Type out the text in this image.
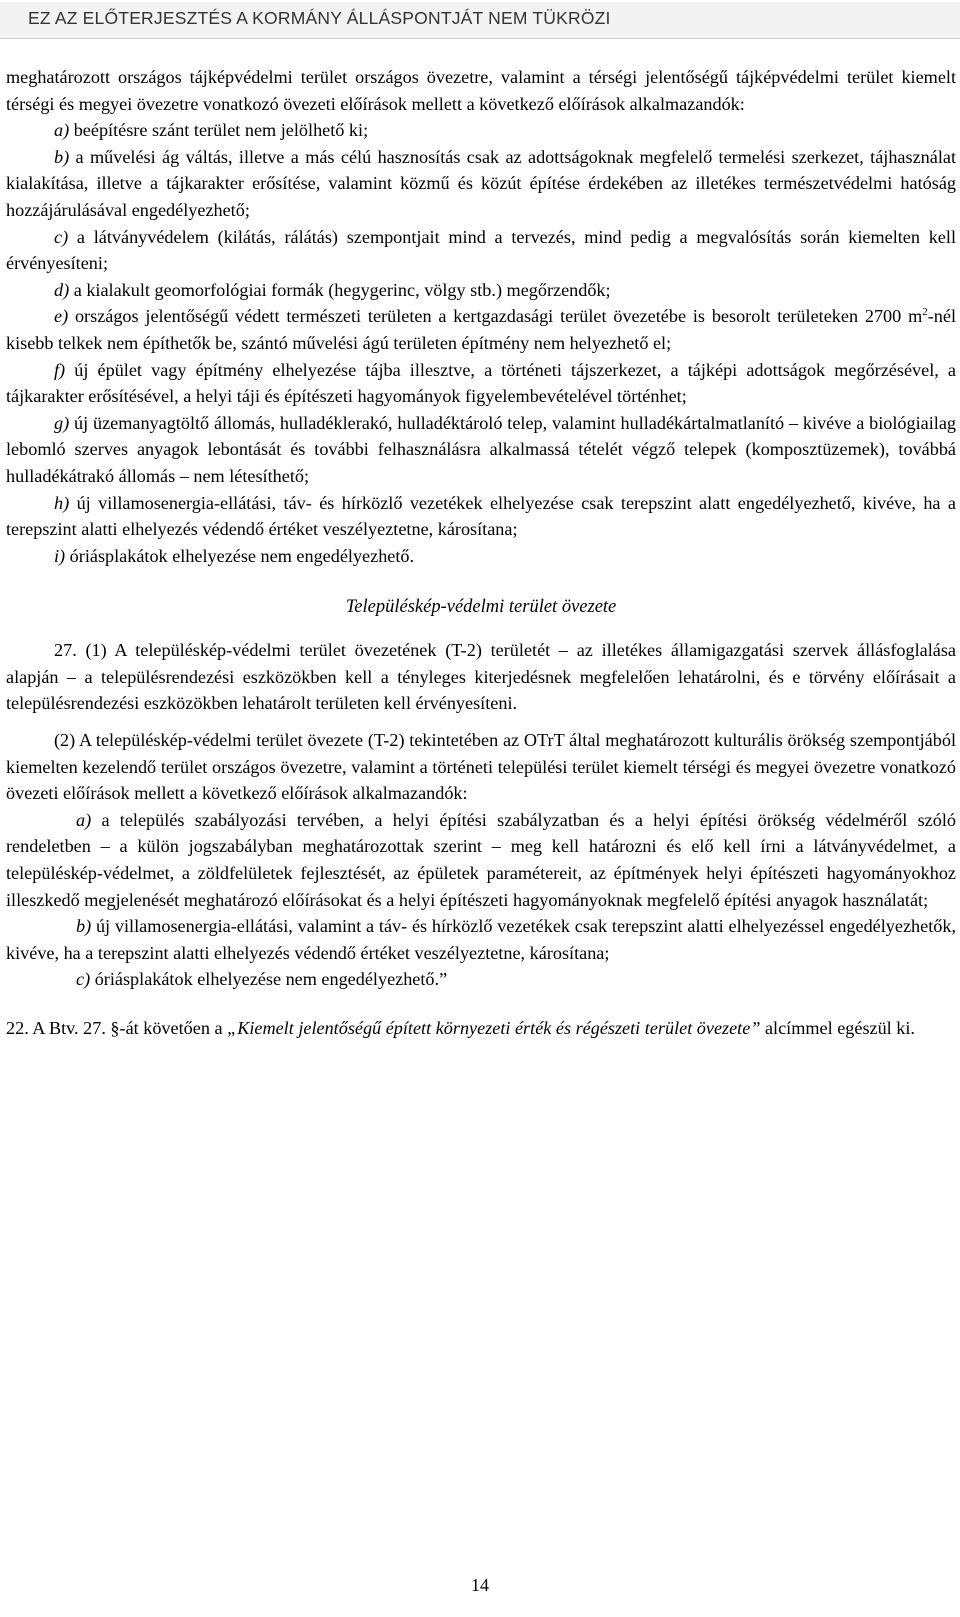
EZ AZ ELŐTERJESZTÉS A KORMÁNY ÁLLÁSPONTJÁT NEM TÜKRÖZI

meghatározott országos tájképvédelmi terület országos övezetre, valamint a térségi jelentőségű tájképvédelmi terület kiemelt térségi és megyei övezetre vonatkozó övezeti előírások mellett a következő előírások alkalmazandók:

a) beépítésre szánt terület nem jelölhető ki;

b) a művelési ág váltás, illetve a más célú hasznosítás csak az adottságoknak megfelelő termelési szerkezet, tájhasználat kialakítása, illetve a tájkarakter erősítése, valamint közmű és közút építése érdekében az illetékes természetvédelmi hatóság hozzájárulásával engedélyezhető;

c) a látványvédelem (kilátás, rálátás) szempontjait mind a tervezés, mind pedig a megvalósítás során kiemelten kell érvényesíteni;

d) a kialakult geomorfológiai formák (hegygerinc, völgy stb.) megőrzendők;

e) országos jelentőségű védett természeti területen a kertgazdasági terület övezetébe is besorolt területeken 2700 $m^2$-nél kisebb telkek nem építhetők be, szántó művelési ágú területen építmény nem helyezhető el;

f) új épület vagy építmény elhelyezése tájba illesztve, a történeti tájszerkezet, a tájképi adottságok megőrzésével, a tájkarakter erősítésével, a helyi táji és építészeti hagyományok figyelembevételével történhet;

g) új üzemanyagtöltő állomás, hulladéklerakó, hulladéktároló telep, valamint hulladékártalmatlanító – kivéve a biológiailag lebomló szerves anyagok lebontását és további felhasználásra alkalmassá tételét végző telepek (komposztüzemek), továbbá hulladékátrakó állomás – nem létesíthető;

h) új villamosenergia-ellátási, táv- és hírközlő vezetékek elhelyezése csak terepszint alatt engedélyezhető, kivéve, ha a terepszint alatti elhelyezés védendő értéket veszélyeztetne, károsítana;

i) óriásplakátok elhelyezése nem engedélyezhető.

Településkép-védelmi terület övezete

27. (1) A településkép-védelmi terület övezetének (T-2) területét – az illetékes államigazgatási szervek állásfoglalása alapján – a településrendezési eszközökben kell a tényleges kiterjedésnek megfelelően lehatárolni, és e törvény előírásait a településrendezési eszközökben lehatárolt területen kell érvényesíteni.

(2) A településkép-védelmi terület övezete (T-2) tekintetében az OTrT által meghatározott kulturális örökség szempontjából kiemelten kezelendő terület országos övezetre, valamint a történeti települési terület kiemelt térségi és megyei övezetre vonatkozó övezeti előírások mellett a következő előírások alkalmazandók:

a) a település szabályozási tervében, a helyi építési szabályzatban és a helyi építési örökség védelméről szóló rendeletben – a külön jogszabályban meghatározottak szerint – meg kell határozni és elő kell írni a látványvédelmet, a településkép-védelmet, a zöldfelületek fejlesztését, az épületek paramétereit, az építmények helyi építészeti hagyományokhoz illeszkedő megjelenését meghatározó előírásokat és a helyi építészeti hagyományoknak megfelelő építési anyagok használatát;

b) új villamosenergia-ellátási, valamint a táv- és hírközlő vezetékek csak terepszint alatti elhelyezéssel engedélyezhetők, kivéve, ha a terepszint alatti elhelyezés védendő értéket veszélyeztetne, károsítana;

c) óriásplakátok elhelyezése nem engedélyezhető.”

22. A Btv. 27. §-át követően a „Kiemelt jelentőségű épített környezeti érték és régészeti terület övezete” alcímmel egészül ki.

14
